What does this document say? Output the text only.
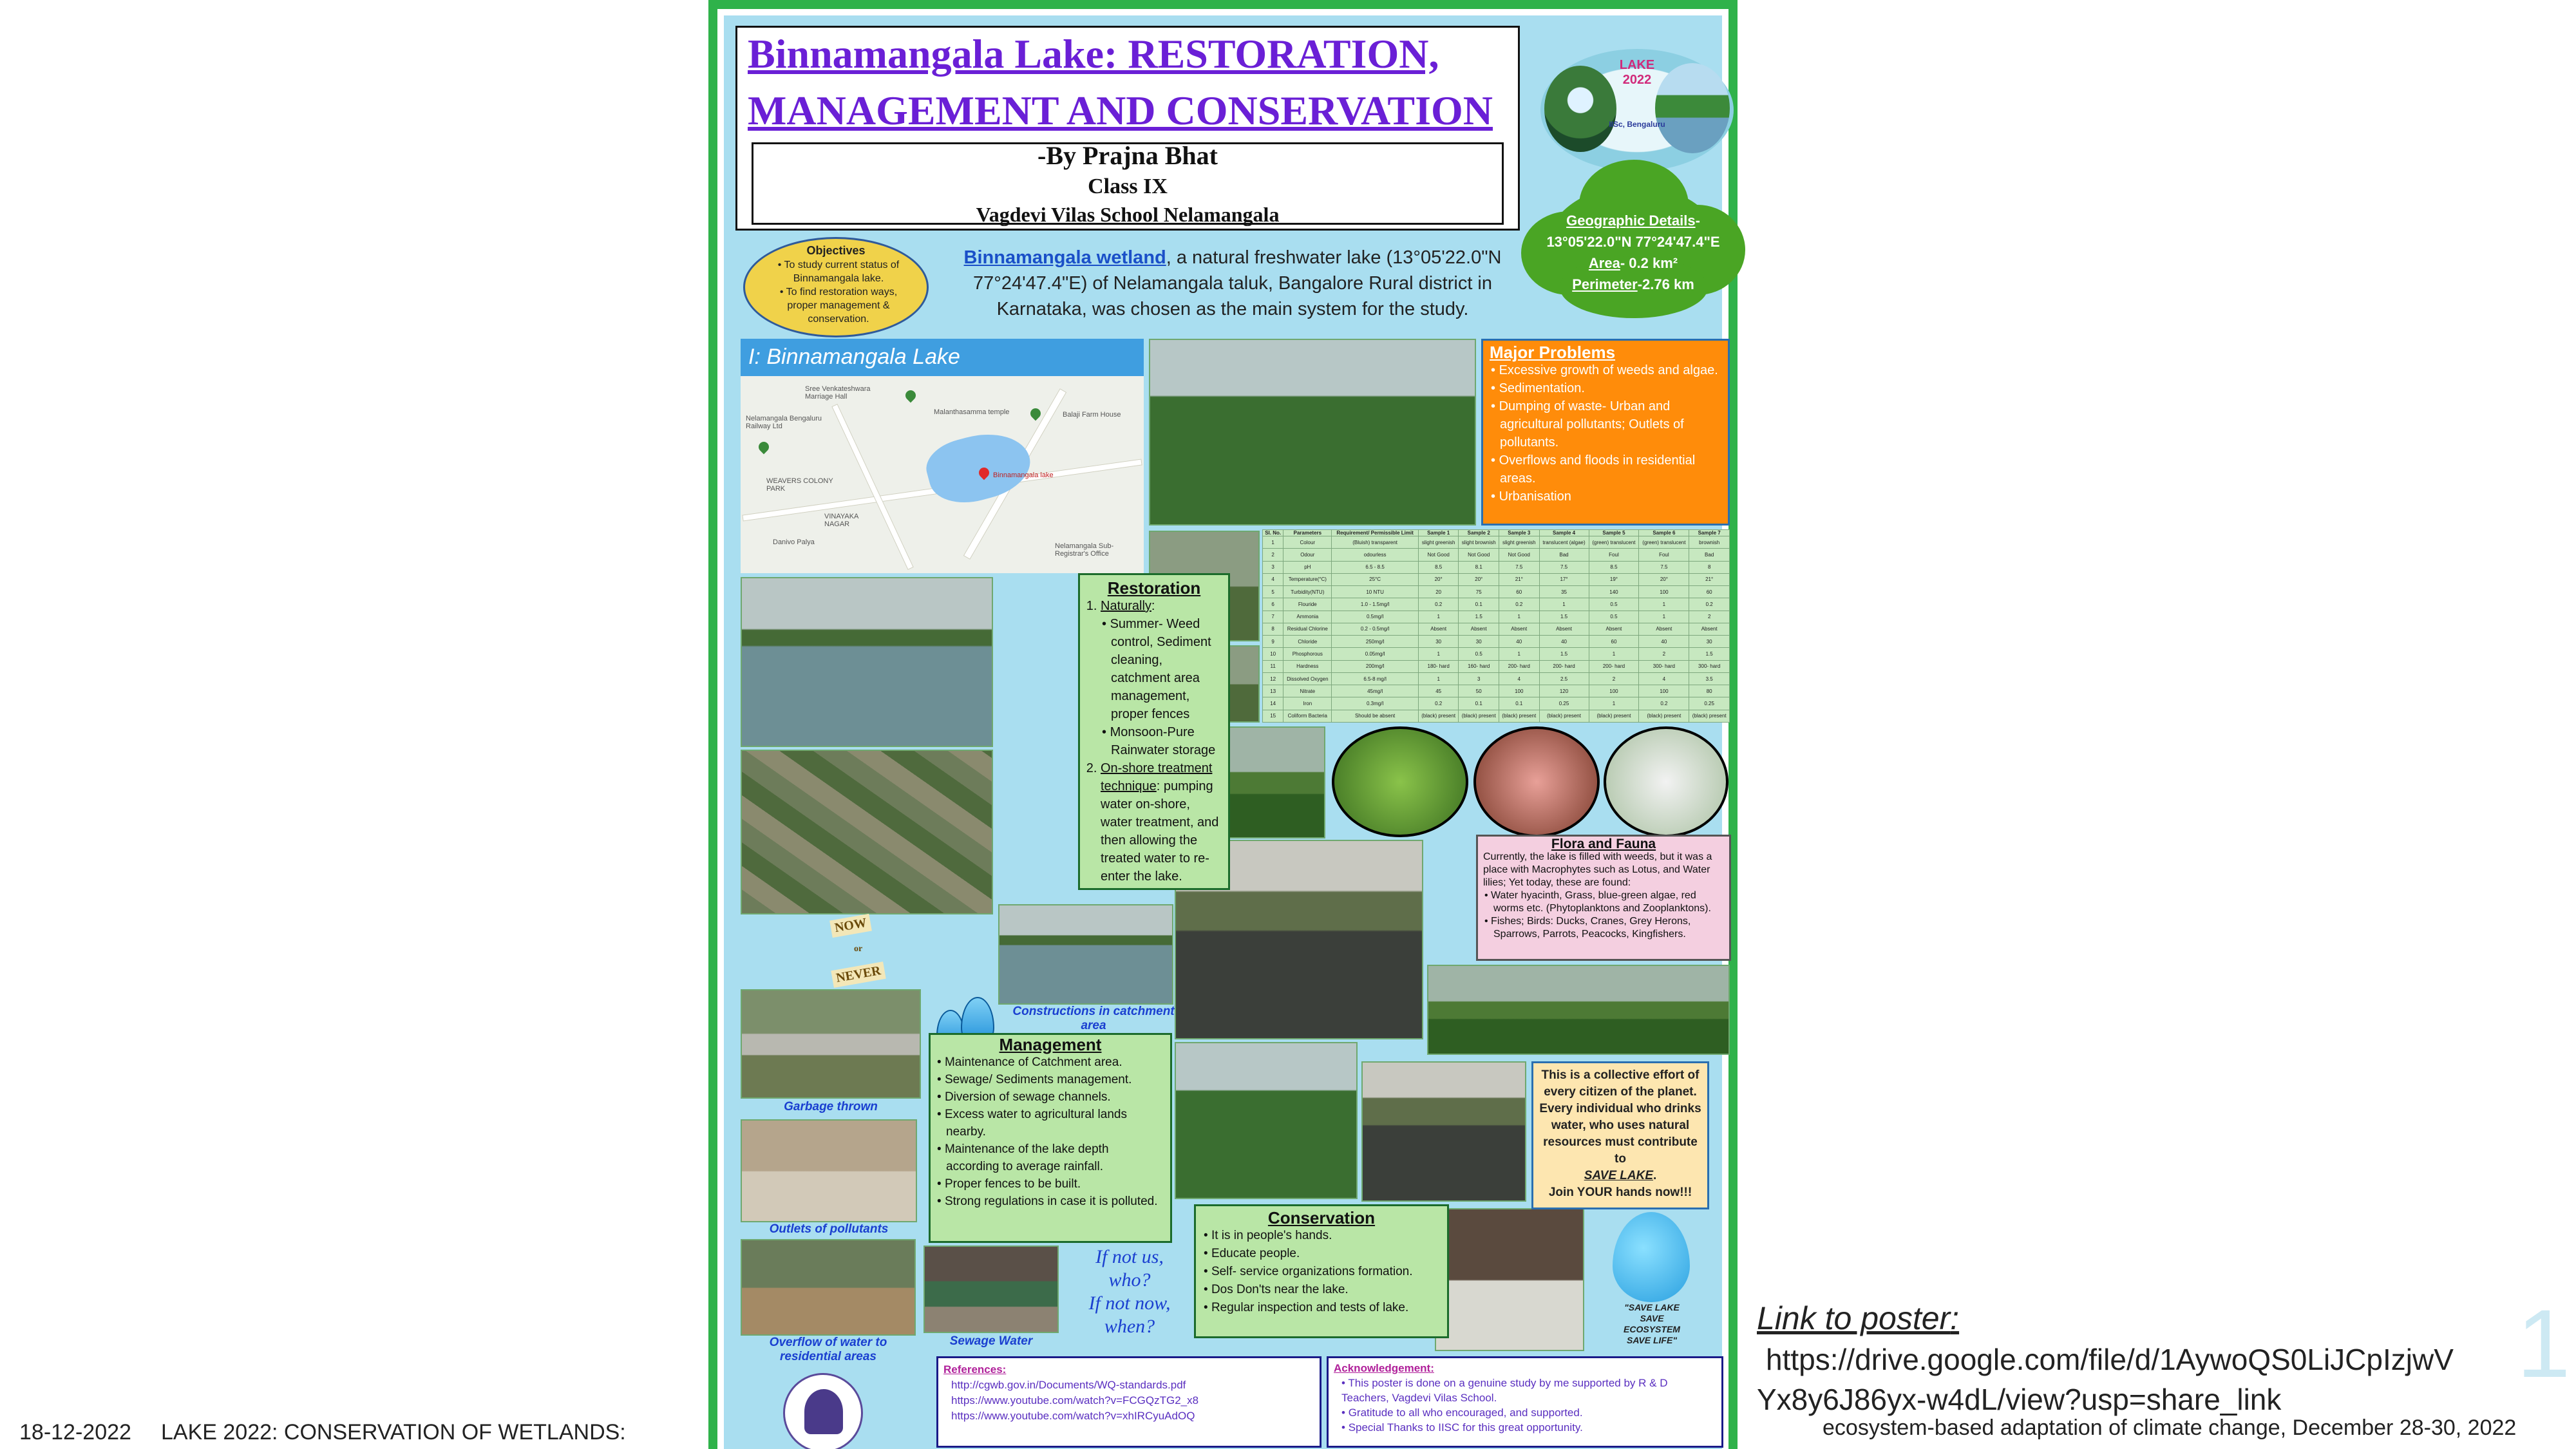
Binnamangala Lake: RESTORATION,
MANAGEMENT AND CONSERVATION
-By Prajna Bhat
Class IX
Vagdevi Vilas School Nelamangala
LAKE 2022
IISc, Bengaluru
Geographic Details-
13°05'22.0"N 77°24'47.4"E
Area- 0.2 km²
Perimeter-2.76 km
Objectives
• To study current status of Binnamangala lake.
• To find restoration ways, proper management & conservation.
Binnamangala wetland, a natural freshwater lake (13°05'22.0"N 77°24'47.4"E) of Nelamangala taluk, Bangalore Rural district in Karnataka, was chosen as the main system for the study.
I: Binnamangala Lake
Sree Venkateshwara Marriage Hall
Nelamangala Bengaluru Railway Ltd
Malanthasamma temple	Balaji Farm House
WEAVERS COLONY PARK
VINAYAKA NAGAR
Binnamangala lake
Danivo Palya	Nelamangala Sub-Registrar's Office
Major Problems
• Excessive growth of weeds and algae.
• Sedimentation.
• Dumping of waste- Urban and agricultural pollutants; Outlets of pollutants.
• Overflows and floods in residential areas.
• Urbanisation
Restoration
1. Naturally:
• Summer- Weed control, Sediment cleaning, catchment area management, proper fences
• Monsoon-Pure Rainwater storage
2. On-shore treatment technique: pumping water on-shore, water treatment, and then allowing the treated water to re-enter the lake.
Sl. No.	Parameters	Requirement/ Permissible Limit	Sample 1	Sample 2	Sample 3	Sample 4	Sample 5	Sample 6	Sample 7
1	Colour	(Bluish) transparent	slight greenish	slight brownish	slight greenish	translucent (algae)	(green) translucent	(green) translucent	brownish
2	Odour	odourless	Not Good	Not Good	Not Good	Bad	Foul	Foul	Bad
3	pH	6.5 - 8.5	8.5	8.1	7.5	7.5	8.5	7.5	8
4	Temperature(°C)	25°C	20°	20°	21°	17°	19°	20°	21°
5	Turbidity(NTU)	10 NTU	20	75	60	35	140	100	60
6	Flouride	1.0 - 1.5mg/l	0.2	0.1	0.2	1	0.5	1	0.2
7	Ammonia	0.5mg/l	1	1.5	1	1.5	0.5	1	2
8	Residual Chlorine	0.2 - 0.5mg/l	Absent	Absent	Absent	Absent	Absent	Absent	Absent
9	Chloride	250mg/l	30	30	40	40	60	40	30
10	Phosphorous	0.05mg/l	1	0.5	1	1.5	1	2	1.5
11	Hardness	200mg/l	180- hard	160- hard	200- hard	200- hard	200- hard	300- hard	300- hard
12	Dissolved Oxygen	6.5-8 mg/l	1	3	4	2.5	2	4	3.5
13	Nitrate	45mg/l	45	50	100	120	100	100	80
14	Iron	0.3mg/l	0.2	0.1	0.1	0.25	1	0.2	0.25
15	Coliform Bacteria	Should be absent	(black) present	(black) present	(black) present	(black) present	(black) present	(black) present	(black) present
Flora and Fauna
Currently, the lake is filled with weeds, but it was a place with Macrophytes such as Lotus, and Water lilies; Yet today, these are found:
• Water hyacinth, Grass, blue-green algae, red worms etc. (Phytoplanktons and Zooplanktons).
• Fishes; Birds: Ducks, Cranes, Grey Herons, Sparrows, Parrots, Peacocks, Kingfishers.
NOW
or
NEVER
Constructions in catchment area
Garbage thrown
Outlets of pollutants
Overflow of water to residential areas
Sewage Water
Management
• Maintenance of Catchment area.
• Sewage/ Sediments management.
• Diversion of sewage channels.
• Excess water to agricultural lands nearby.
• Maintenance of the lake depth according to average rainfall.
• Proper fences to be built.
• Strong regulations in case it is polluted.
This is a collective effort of every citizen of the planet. Every individual who drinks water, who uses natural resources must contribute to
SAVE LAKE.
Join YOUR hands now!!!
If not us,
who?
If not now,
when?
Conservation
• It is in people's hands.
• Educate people.
• Self- service organizations formation.
• Dos Don'ts near the lake.
• Regular inspection and tests of lake.	"SAVE LAKE
SAVE
ECOSYSTEM
SAVE LIFE"
References:
http://cgwb.gov.in/Documents/WQ-standards.pdf
https://www.youtube.com/watch?v=FCGQzTG2_x8
https://www.youtube.com/watch?v=xhIRCyuAdOQ
Acknowledgement:
• This poster is done on a genuine study by me supported by R & D Teachers, Vagdevi Vilas School.
• Gratitude to all who encouraged, and supported.
• Special Thanks to IISC for this great opportunity.
18-12-2022 LAKE 2022: CONSERVATION OF WETLANDS:
Link to poster:
https://drive.google.com/file/d/1AywoQS0LiJCpIzjwV
Yx8y6J86yx-w4dL/view?usp=share_link
ecosystem-based adaptation of climate change, December 28-30, 2022
1
